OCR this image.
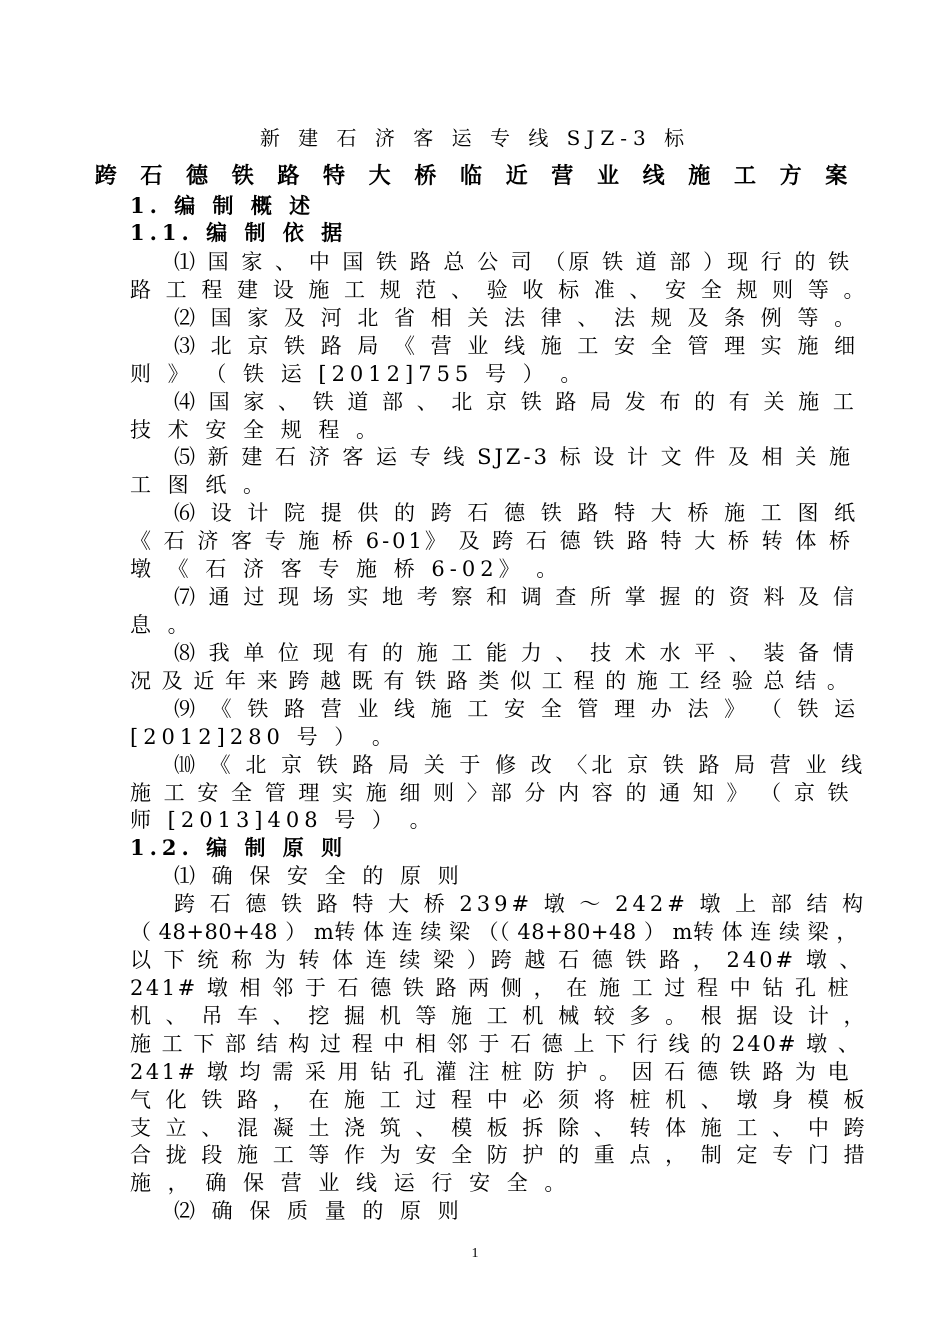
新 建 石 济 客 运 专 线 SJZ-3 标
跨 石 德 铁 路 特 大 桥 临 近 营 业 线 施 工 方 案
1. 编 制 概 述
1.1. 编 制 依 据
⑴ 国 家 、 中 国 铁 路 总 公 司 （原 铁 道 部 ）现 行 的 铁
路 工 程 建 设 施 工 规 范 、 验 收 标 准 、 安 全 规 则 等 。
⑵ 国 家 及 河 北 省 相 关 法 律 、 法 规 及 条 例 等 。
⑶ 北 京 铁 路 局 《 营 业 线 施 工 安 全 管 理 实 施 细
则 》 （ 铁 运 [2012]755 号 ） 。
⑷ 国 家 、 铁 道 部 、 北 京 铁 路 局 发 布 的 有 关 施 工
技 术 安 全 规 程 。
⑸ 新 建 石 济 客 运 专 线 SJZ-3 标 设 计 文 件 及 相 关 施
工 图 纸 。
⑹ 设 计 院 提 供 的 跨 石 德 铁 路 特 大 桥 施 工 图 纸
《 石 济 客 专 施 桥 6-01》 及 跨 石 德 铁 路 特 大 桥 转 体 桥
墩 《 石 济 客 专 施 桥 6-02》 。
⑺ 通 过 现 场 实 地 考 察 和 调 查 所 掌 握 的 资 料 及 信
息 。
⑻ 我 单 位 现 有 的 施 工 能 力 、 技 术 水 平 、 装 备 情
况 及 近 年 来 跨 越 既 有 铁 路 类 似 工 程 的 施 工 经 验 总 结 。
⑼ 《 铁 路 营 业 线 施 工 安 全 管 理 办 法 》 （ 铁 运
[2012]280 号 ） 。
⑽ 《 北 京 铁 路 局 关 于 修 改 〈北 京 铁 路 局 营 业 线
施 工 安 全 管 理 实 施 细 则 〉部 分 内 容 的 通 知 》 （ 京 铁
师 [2013]408 号 ） 。
1.2. 编 制 原 则
⑴ 确 保 安 全 的 原 则
跨 石 德 铁 路 特 大 桥 239# 墩 ～ 242# 墩 上 部 结 构
（ 48+80+48 ） m转 体 连 续 梁 （（ 48+80+48 ） m转 体 连 续 梁 ，
以 下 统 称 为 转 体 连 续 梁 ）跨 越 石 德 铁 路 ， 240# 墩 、
241# 墩 相 邻 于 石 德 铁 路 两 侧 ， 在 施 工 过 程 中 钻 孔 桩
机 、 吊 车 、 挖 掘 机 等 施 工 机 械 较 多 。 根 据 设 计 ，
施 工 下 部 结 构 过 程 中 相 邻 于 石 德 上 下 行 线 的 240# 墩 、
241# 墩 均 需 采 用 钻 孔 灌 注 桩 防 护 。 因 石 德 铁 路 为 电
气 化 铁 路 ， 在 施 工 过 程 中 必 须 将 桩 机 、 墩 身 模 板
支 立 、 混 凝 土 浇 筑 、 模 板 拆 除 、 转 体 施 工 、 中 跨
合 拢 段 施 工 等 作 为 安 全 防 护 的 重 点 ， 制 定 专 门 措
施 ， 确 保 营 业 线 运 行 安 全 。
⑵ 确 保 质 量 的 原 则
1
